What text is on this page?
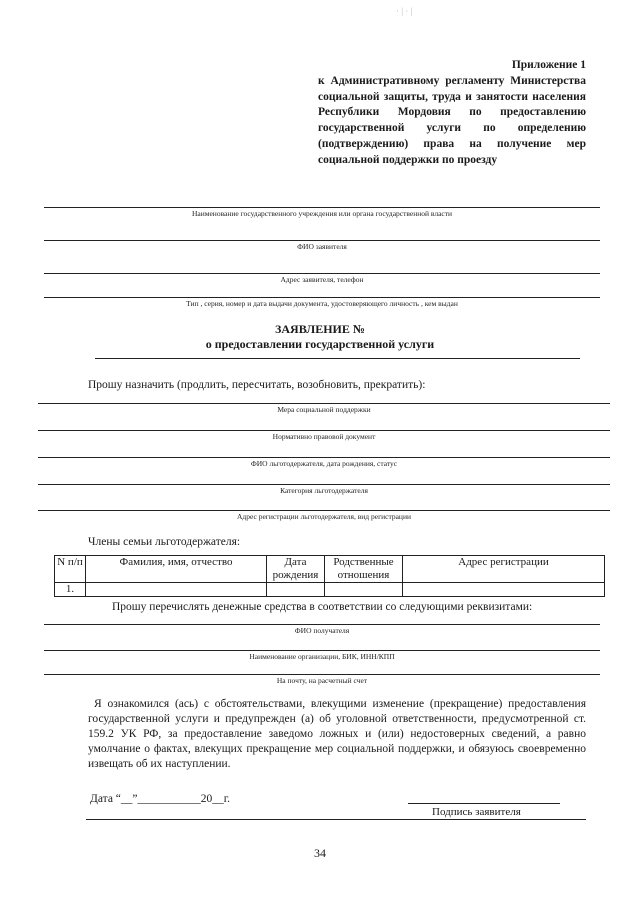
· | · |
Приложение 1
к Административному регламенту Министерства социальной защиты, труда и занятости населения Республики Мордовия по предоставлению государственной услуги по определению (подтверждению) права на получение мер социальной поддержки по проезду
Наименование государственного учреждения или органа государственной власти
ФИО заявителя
Адрес заявителя, телефон
Тип , серия, номер и дата выдачи документа, удостоверяющего личность , кем выдан
ЗАЯВЛЕНИЕ №
о предоставлении государственной услуги
Прошу назначить (продлить, пересчитать, возобновить, прекратить):
Мера социальной поддержки
Нормативно правовой документ
ФИО льготодержателя, дата рождения, статус
Категория льготодержателя
Адрес регистрации льготодержателя, вид регистрации
Члены семьи льготодержателя:
N п/п	Фамилия, имя, отчество	Дата рождения	Родственные отношения	Адрес регистрации
1.				
Прошу перечислять денежные средства в соответствии со следующими реквизитами:
ФИО получателя
Наименование организации, БИК, ИНН/КПП
На почту, на расчетный счет
Я ознакомился (ась) с обстоятельствами, влекущими изменение (прекращение) предоставления государственной услуги и предупрежден (а) об уголовной ответственности, предусмотренной ст. 159.2 УК РФ, за предоставление заведомо ложных и (или) недостоверных сведений, а равно умолчание о фактах, влекущих прекращение мер социальной поддержки, и обязуюсь своевременно извещать об их наступлении.
Дата “__”___________20__г.
Подпись заявителя
34
